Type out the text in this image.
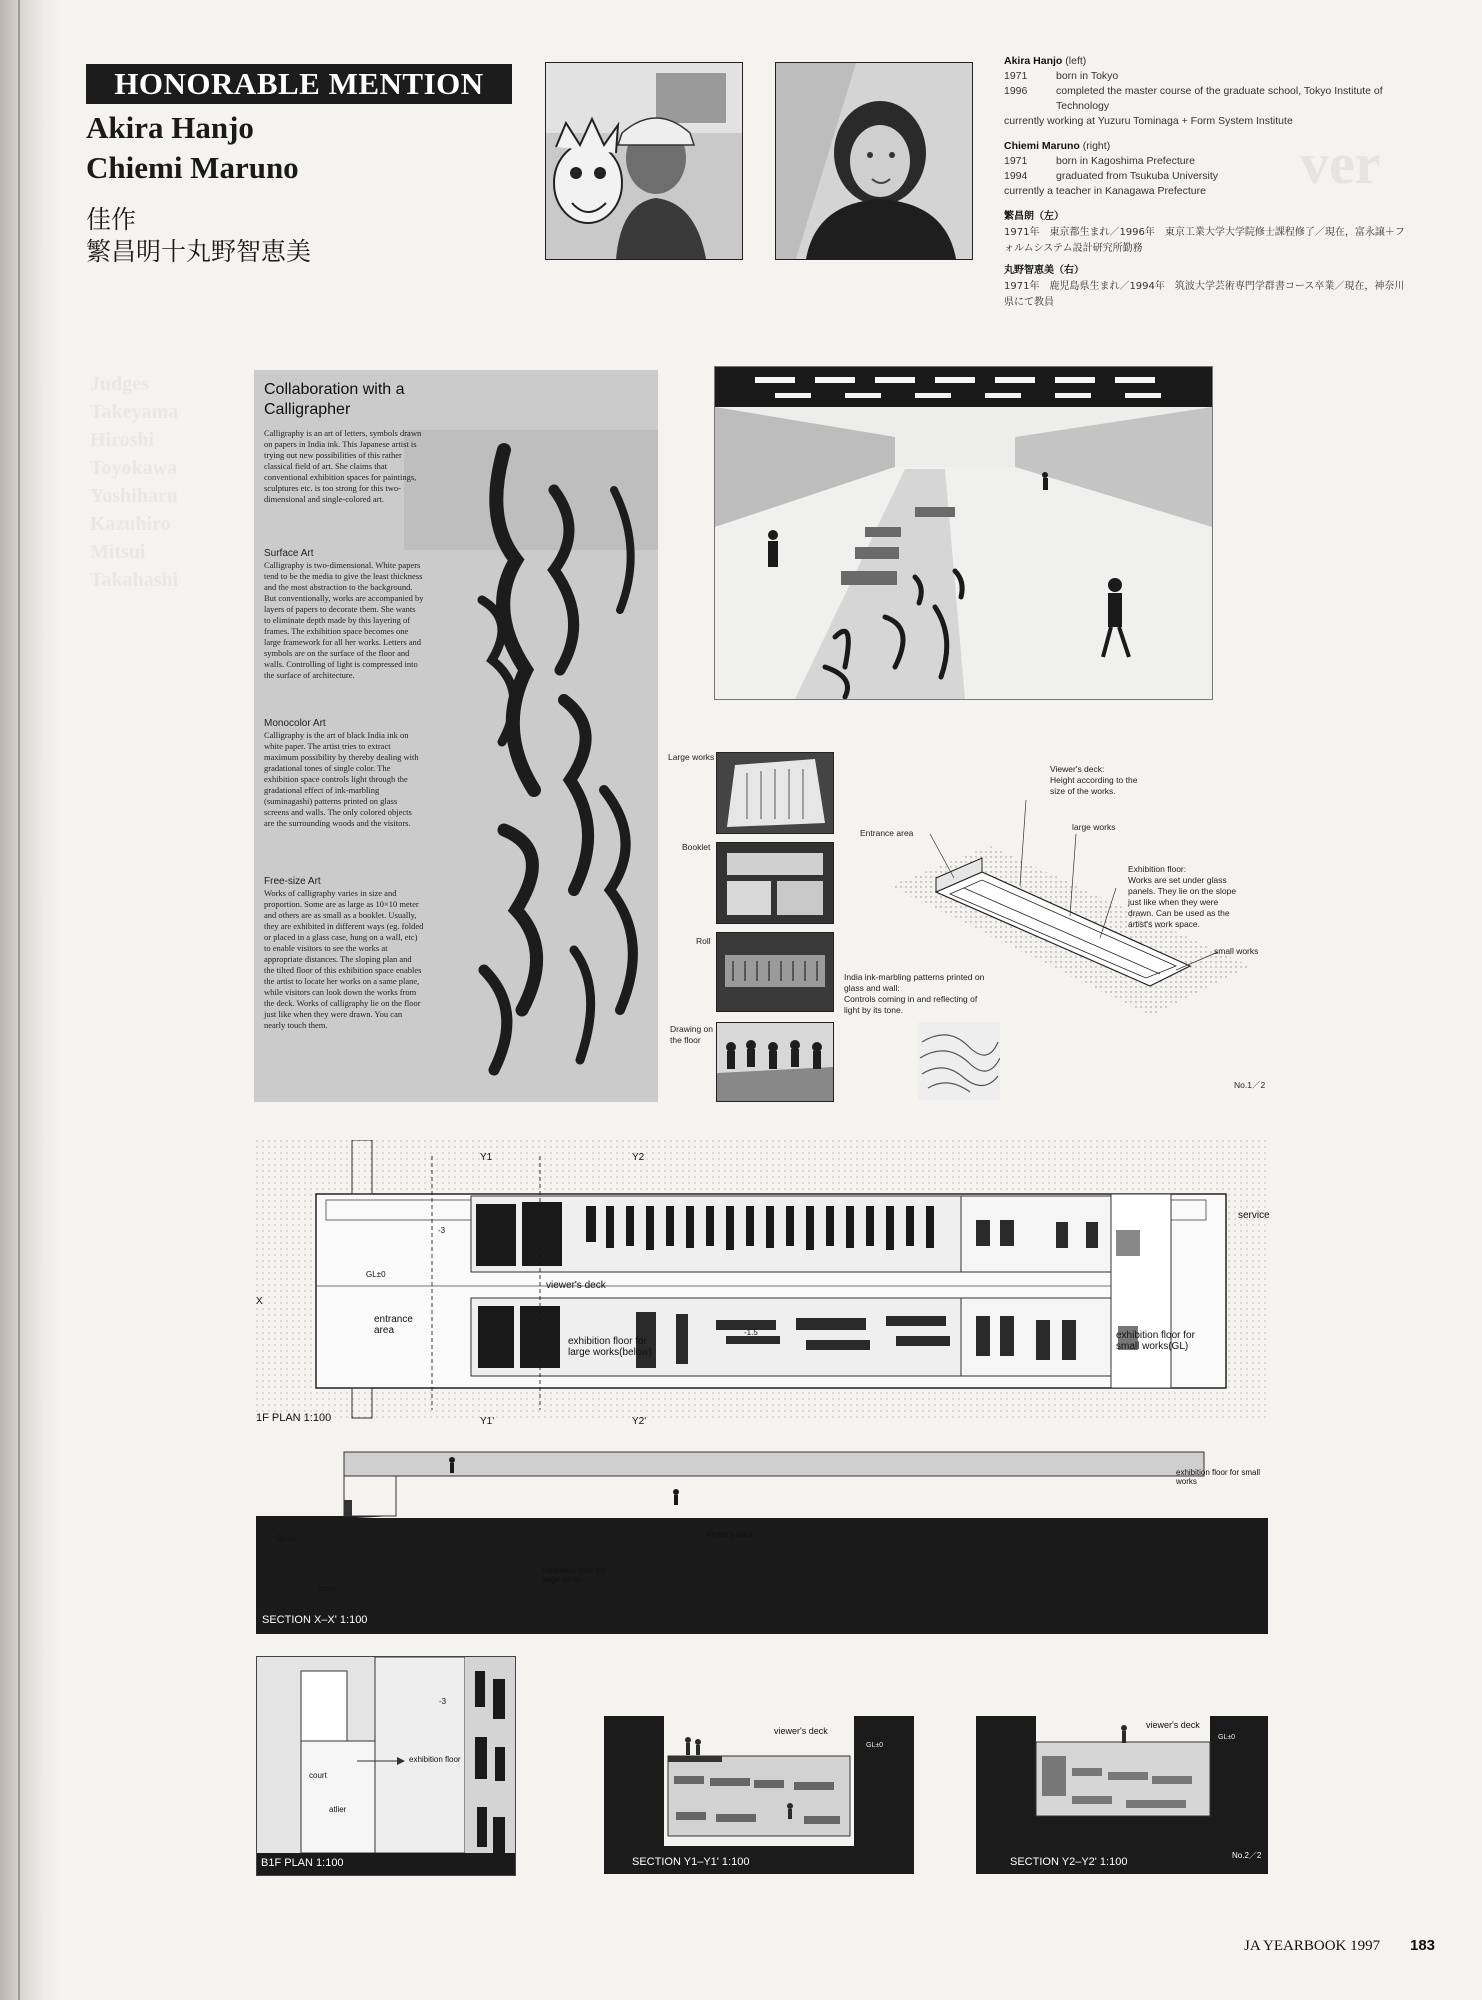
ver
Judges
Takeyama
Hiroshi
Toyokawa
Yoshiharu
Kazuhiro
Mitsui
Takahashi
HONORABLE MENTION
Akira Hanjo
Chiemi Maruno
佳作
繁昌明十丸野智恵美
Akira Hanjo (left)
1971	born in Tokyo
1996	completed the master course of the graduate school, Tokyo Institute of Technology
currently working at Yuzuru Tominaga + Form System Institute
Chiemi Maruno (right)
1971	born in Kagoshima Prefecture
1994	graduated from Tsukuba University
currently a teacher in Kanagawa Prefecture
繁昌朗（左）
1971年　東京都生まれ／1996年　東京工業大学大学院修士課程修了／現在，富永譲＋フォルムシステム設計研究所勤務
丸野智恵美（右）
1971年　鹿児島県生まれ／1994年　筑波大学芸術専門学群書コース卒業／現在，神奈川県にて教員
Collaboration with a Calligrapher
Calligraphy is an art of letters, symbols drawn on papers in India ink. This Japanese artist is trying out new possibilities of this rather classical field of art. She claims that conventional exhibition spaces for paintings, sculptures etc. is too strong for this two-dimensional and single-colored art.
Surface Art
Calligraphy is two-dimensional. White papers tend to be the media to give the least thickness and the most abstraction to the background. But conventionally, works are accompanied by layers of papers to decorate them. She wants to eliminate depth made by this layering of frames. The exhibition space becomes one large framework for all her works. Letters and symbols are on the surface of the floor and walls. Controlling of light is compressed into the surface of architecture.
Monocolor Art
Calligraphy is the art of black India ink on white paper. The artist tries to extract maximum possibility by thereby dealing with gradational tones of single color. The exhibition space controls light through the gradational effect of ink-marbling (suminagashi) patterns printed on glass screens and walls. The only colored objects are the surrounding woods and the visitors.
Free-size Art
Works of calligraphy varies in size and proportion. Some are as large as 10×10 meter and others are as small as a booklet. Usually, they are exhibited in different ways (eg. folded or placed in a glass case, hung on a wall, etc) to enable visitors to see the works at appropriate distances. The sloping plan and the tilted floor of this exhibition space enables the artist to locate her works on a same plane, while visitors can look down the works from the deck. Works of calligraphy lie on the floor just like when they were drawn. You can nearly touch them.
Large works
Booklet
Roll
Drawing on the floor
Entrance area
Viewer's deck:
Height according to the size of the works.
large works
Exhibition floor:
Works are set under glass panels. They lie on the slope just like when they were drawn. Can be used as the artist's work space.
small works
India ink-marbling patterns printed on glass and wall:
Controls coming in and reflecting of light by its tone.
No.1／2
Y1	Y2
Y1'	Y2'
X
service
viewer's deck
entrance area
exhibition floor for large works(below)
exhibition floor for small works(GL)
GL±0
-3
-1.5
1F PLAN 1:100
exhibition floor for small works
viewer's deck
exhibition floor for large works
court
GL±0
SECTION X–X' 1:100
court
atlier
exhibition floor
-3
B1F PLAN 1:100
viewer's deck
GL±0
SECTION Y1–Y1' 1:100
viewer's deck
GL±0
SECTION Y2–Y2' 1:100
No.2／2
JA YEARBOOK 1997 183
